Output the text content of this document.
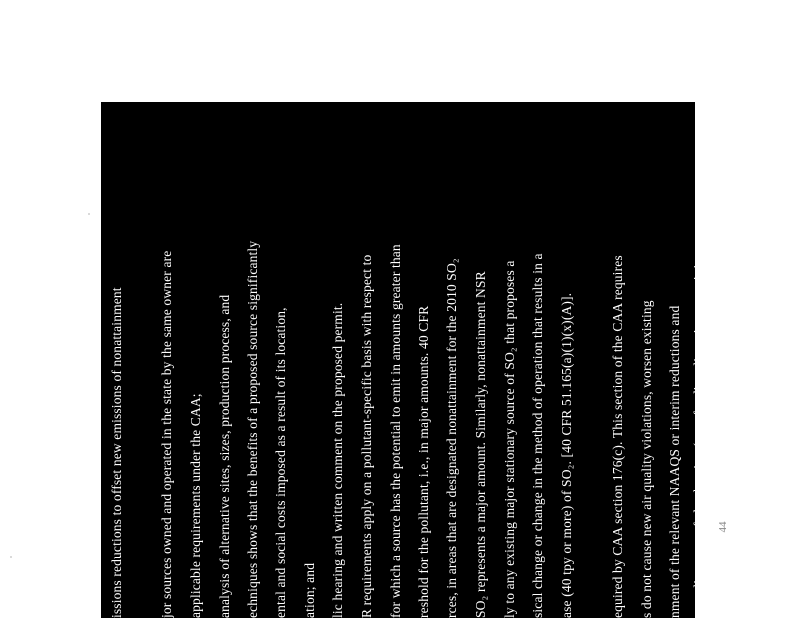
issions reductions to offset new emissions of nonattainment	jor sources owned and operated in the state by the same owner are applicable requirements under the CAA; analysis of alternative sites, sizes, production process, and echniques shows that the benefits of a proposed source significantly ental and social costs imposed as a result of its location, ation; and lic hearing and written comment on the proposed permit. R requirements apply on a pollutant-specific basis with respect to for which a source has the potential to emit in amounts greater than reshold for the pollutant, i.e., in major amounts. 40 CFR rces, in areas that are designated nonattainment for the 2010 SO₂ SO₂ represents a major amount. Similarly, nonattainment NSR ly to any existing major stationary source of SO₂ that proposes a sical change or change in the method of operation that results in a ase (40 tpy or more) of SO₂. [40 CFR 51.165(a)(1)(x)(A)].	equired by CAA section 176(c). This section of the CAA requires s do not cause new air quality violations, worsen existing nment of the relevant NAAQS or interim reductions and y applies to any federal action (e.g., funding, licensing, permitting,	44
